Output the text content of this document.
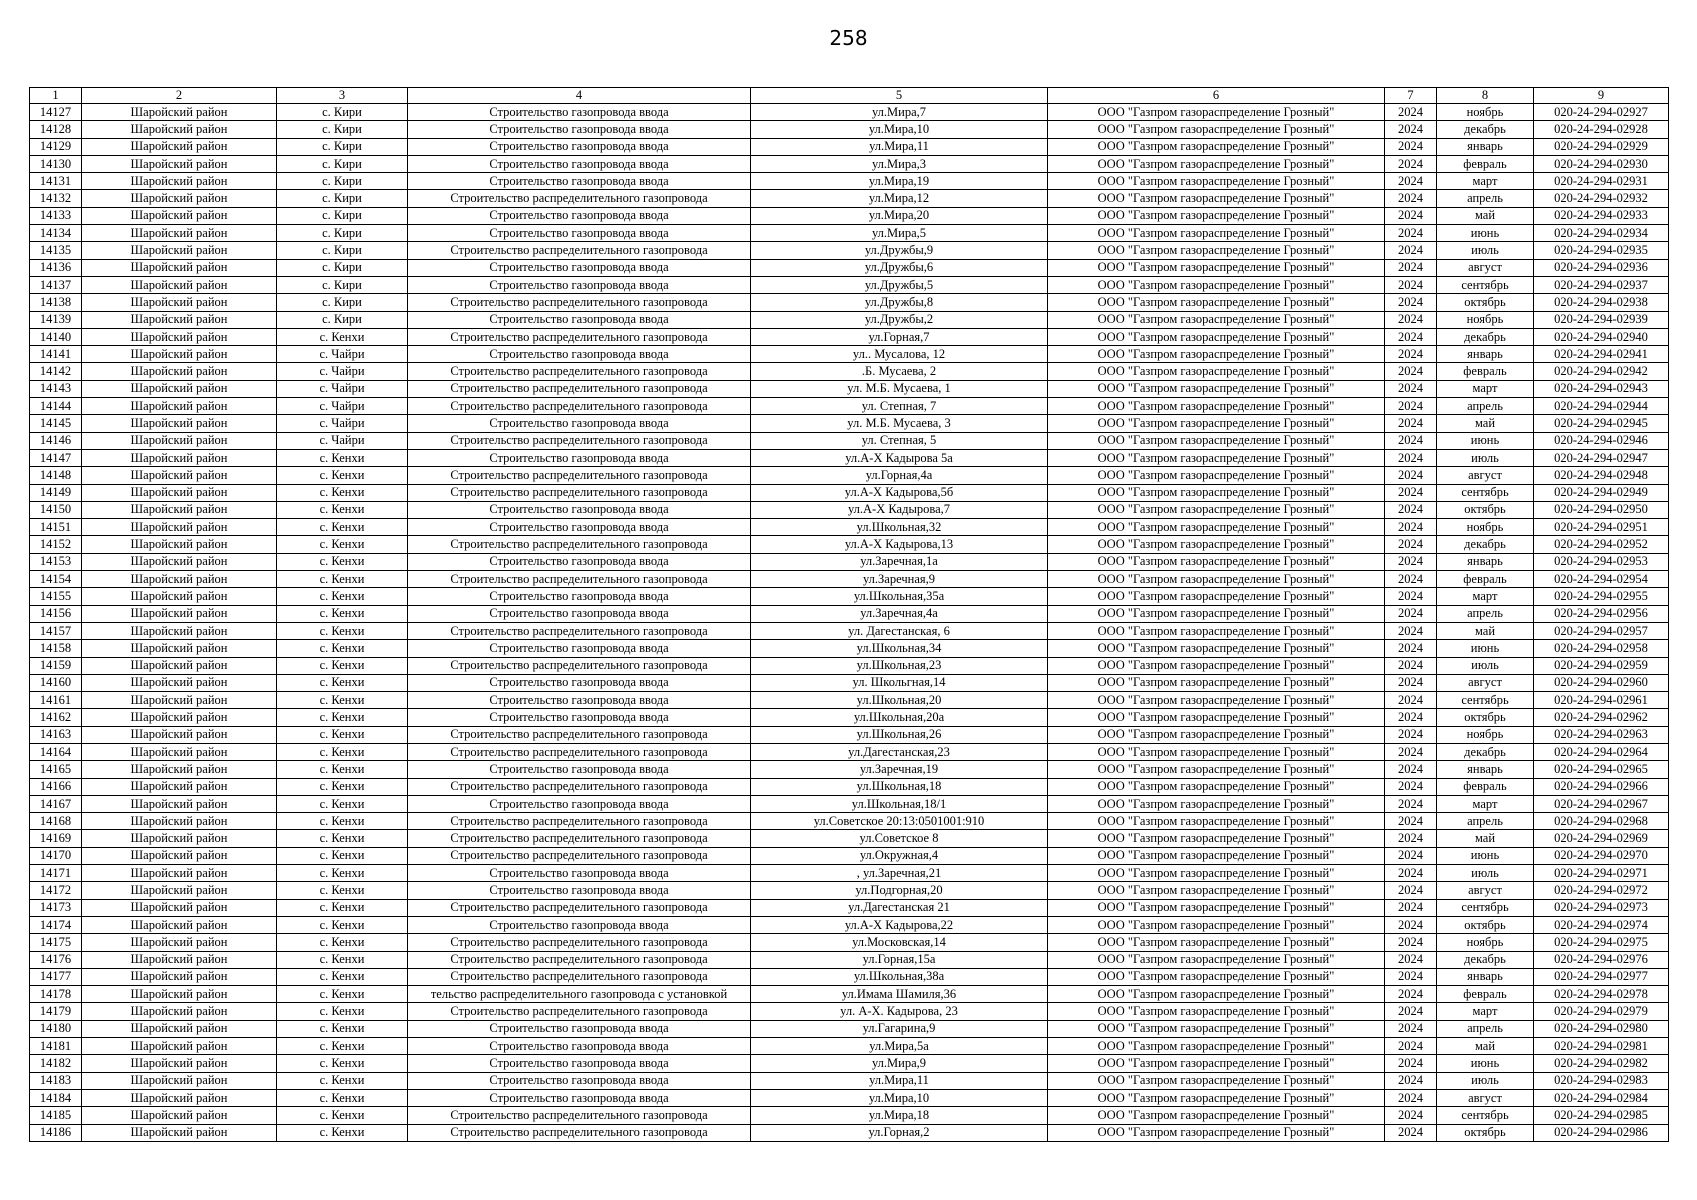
258
1	2	3	4	5	6	7	8	9
14127	Шаройский район	с. Кири	Строительство газопровода ввода	ул.Мира,7	ООО "Газпром газораспределение Грозный"	2024	ноябрь	020-24-294-02927
14128	Шаройский район	с. Кири	Строительство газопровода ввода	ул.Мира,10	ООО "Газпром газораспределение Грозный"	2024	декабрь	020-24-294-02928
14129	Шаройский район	с. Кири	Строительство газопровода ввода	ул.Мира,11	ООО "Газпром газораспределение Грозный"	2024	январь	020-24-294-02929
14130	Шаройский район	с. Кири	Строительство газопровода ввода	ул.Мира,3	ООО "Газпром газораспределение Грозный"	2024	февраль	020-24-294-02930
14131	Шаройский район	с. Кири	Строительство газопровода ввода	ул.Мира,19	ООО "Газпром газораспределение Грозный"	2024	март	020-24-294-02931
14132	Шаройский район	с. Кири	Строительство распределительного газопровода	ул.Мира,12	ООО "Газпром газораспределение Грозный"	2024	апрель	020-24-294-02932
14133	Шаройский район	с. Кири	Строительство газопровода ввода	ул.Мира,20	ООО "Газпром газораспределение Грозный"	2024	май	020-24-294-02933
14134	Шаройский район	с. Кири	Строительство газопровода ввода	ул.Мира,5	ООО "Газпром газораспределение Грозный"	2024	июнь	020-24-294-02934
14135	Шаройский район	с. Кири	Строительство распределительного газопровода	ул.Дружбы,9	ООО "Газпром газораспределение Грозный"	2024	июль	020-24-294-02935
14136	Шаройский район	с. Кири	Строительство газопровода ввода	ул.Дружбы,6	ООО "Газпром газораспределение Грозный"	2024	август	020-24-294-02936
14137	Шаройский район	с. Кири	Строительство газопровода ввода	ул.Дружбы,5	ООО "Газпром газораспределение Грозный"	2024	сентябрь	020-24-294-02937
14138	Шаройский район	с. Кири	Строительство распределительного газопровода	ул.Дружбы,8	ООО "Газпром газораспределение Грозный"	2024	октябрь	020-24-294-02938
14139	Шаройский район	с. Кири	Строительство газопровода ввода	ул.Дружбы,2	ООО "Газпром газораспределение Грозный"	2024	ноябрь	020-24-294-02939
14140	Шаройский район	с. Кенхи	Строительство распределительного газопровода	ул.Горная,7	ООО "Газпром газораспределение Грозный"	2024	декабрь	020-24-294-02940
14141	Шаройский район	с. Чайри	Строительство газопровода ввода	ул.. Мусалова, 12	ООО "Газпром газораспределение Грозный"	2024	январь	020-24-294-02941
14142	Шаройский район	с. Чайри	Строительство распределительного газопровода	.Б. Мусаева, 2	ООО "Газпром газораспределение Грозный"	2024	февраль	020-24-294-02942
14143	Шаройский район	с. Чайри	Строительство распределительного газопровода	ул. М.Б. Мусаева, 1	ООО "Газпром газораспределение Грозный"	2024	март	020-24-294-02943
14144	Шаройский район	с. Чайри	Строительство распределительного газопровода	ул. Степная, 7	ООО "Газпром газораспределение Грозный"	2024	апрель	020-24-294-02944
14145	Шаройский район	с. Чайри	Строительство газопровода ввода	ул. М.Б. Мусаева, 3	ООО "Газпром газораспределение Грозный"	2024	май	020-24-294-02945
14146	Шаройский район	с. Чайри	Строительство распределительного газопровода	ул. Степная, 5	ООО "Газпром газораспределение Грозный"	2024	июнь	020-24-294-02946
14147	Шаройский район	с. Кенхи	Строительство газопровода ввода	ул.А-Х Кадырова 5а	ООО "Газпром газораспределение Грозный"	2024	июль	020-24-294-02947
14148	Шаройский район	с. Кенхи	Строительство распределительного газопровода	ул.Горная,4а	ООО "Газпром газораспределение Грозный"	2024	август	020-24-294-02948
14149	Шаройский район	с. Кенхи	Строительство распределительного газопровода	ул.А-Х Кадырова,5б	ООО "Газпром газораспределение Грозный"	2024	сентябрь	020-24-294-02949
14150	Шаройский район	с. Кенхи	Строительство газопровода ввода	ул.А-Х Кадырова,7	ООО "Газпром газораспределение Грозный"	2024	октябрь	020-24-294-02950
14151	Шаройский район	с. Кенхи	Строительство газопровода ввода	ул.Школьная,32	ООО "Газпром газораспределение Грозный"	2024	ноябрь	020-24-294-02951
14152	Шаройский район	с. Кенхи	Строительство распределительного газопровода	ул.А-Х Кадырова,13	ООО "Газпром газораспределение Грозный"	2024	декабрь	020-24-294-02952
14153	Шаройский район	с. Кенхи	Строительство газопровода ввода	ул.Заречная,1а	ООО "Газпром газораспределение Грозный"	2024	январь	020-24-294-02953
14154	Шаройский район	с. Кенхи	Строительство распределительного газопровода	ул.Заречная,9	ООО "Газпром газораспределение Грозный"	2024	февраль	020-24-294-02954
14155	Шаройский район	с. Кенхи	Строительство газопровода ввода	ул.Школьная,35а	ООО "Газпром газораспределение Грозный"	2024	март	020-24-294-02955
14156	Шаройский район	с. Кенхи	Строительство газопровода ввода	ул.Заречная,4а	ООО "Газпром газораспределение Грозный"	2024	апрель	020-24-294-02956
14157	Шаройский район	с. Кенхи	Строительство распределительного газопровода	ул. Дагестанская, 6	ООО "Газпром газораспределение Грозный"	2024	май	020-24-294-02957
14158	Шаройский район	с. Кенхи	Строительство газопровода ввода	ул.Школьная,34	ООО "Газпром газораспределение Грозный"	2024	июнь	020-24-294-02958
14159	Шаройский район	с. Кенхи	Строительство распределительного газопровода	ул.Школьная,23	ООО "Газпром газораспределение Грозный"	2024	июль	020-24-294-02959
14160	Шаройский район	с. Кенхи	Строительство газопровода ввода	ул. Школьгная,14	ООО "Газпром газораспределение Грозный"	2024	август	020-24-294-02960
14161	Шаройский район	с. Кенхи	Строительство газопровода ввода	ул.Школьная,20	ООО "Газпром газораспределение Грозный"	2024	сентябрь	020-24-294-02961
14162	Шаройский район	с. Кенхи	Строительство газопровода ввода	ул.Школьная,20а	ООО "Газпром газораспределение Грозный"	2024	октябрь	020-24-294-02962
14163	Шаройский район	с. Кенхи	Строительство распределительного газопровода	ул.Школьная,26	ООО "Газпром газораспределение Грозный"	2024	ноябрь	020-24-294-02963
14164	Шаройский район	с. Кенхи	Строительство распределительного газопровода	ул.Дагестанская,23	ООО "Газпром газораспределение Грозный"	2024	декабрь	020-24-294-02964
14165	Шаройский район	с. Кенхи	Строительство газопровода ввода	ул.Заречная,19	ООО "Газпром газораспределение Грозный"	2024	январь	020-24-294-02965
14166	Шаройский район	с. Кенхи	Строительство распределительного газопровода	ул.Школьная,18	ООО "Газпром газораспределение Грозный"	2024	февраль	020-24-294-02966
14167	Шаройский район	с. Кенхи	Строительство газопровода ввода	ул.Школьная,18/1	ООО "Газпром газораспределение Грозный"	2024	март	020-24-294-02967
14168	Шаройский район	с. Кенхи	Строительство распределительного газопровода	ул.Советское 20:13:0501001:910	ООО "Газпром газораспределение Грозный"	2024	апрель	020-24-294-02968
14169	Шаройский район	с. Кенхи	Строительство распределительного газопровода	ул.Советское 8	ООО "Газпром газораспределение Грозный"	2024	май	020-24-294-02969
14170	Шаройский район	с. Кенхи	Строительство распределительного газопровода	ул.Окружная,4	ООО "Газпром газораспределение Грозный"	2024	июнь	020-24-294-02970
14171	Шаройский район	с. Кенхи	Строительство газопровода ввода	, ул.Заречная,21	ООО "Газпром газораспределение Грозный"	2024	июль	020-24-294-02971
14172	Шаройский район	с. Кенхи	Строительство газопровода ввода	ул.Подгорная,20	ООО "Газпром газораспределение Грозный"	2024	август	020-24-294-02972
14173	Шаройский район	с. Кенхи	Строительство распределительного газопровода	ул.Дагестанская 21	ООО "Газпром газораспределение Грозный"	2024	сентябрь	020-24-294-02973
14174	Шаройский район	с. Кенхи	Строительство газопровода ввода	ул.А-Х Кадырова,22	ООО "Газпром газораспределение Грозный"	2024	октябрь	020-24-294-02974
14175	Шаройский район	с. Кенхи	Строительство распределительного газопровода	ул.Московская,14	ООО "Газпром газораспределение Грозный"	2024	ноябрь	020-24-294-02975
14176	Шаройский район	с. Кенхи	Строительство распределительного газопровода	ул.Горная,15а	ООО "Газпром газораспределение Грозный"	2024	декабрь	020-24-294-02976
14177	Шаройский район	с. Кенхи	Строительство распределительного газопровода	ул.Школьная,38а	ООО "Газпром газораспределение Грозный"	2024	январь	020-24-294-02977
14178	Шаройский район	с. Кенхи	тельство распределительного газопровода с установкой	ул.Имама Шамиля,36	ООО "Газпром газораспределение Грозный"	2024	февраль	020-24-294-02978
14179	Шаройский район	с. Кенхи	Строительство распределительного газопровода	ул. А-Х. Кадырова, 23	ООО "Газпром газораспределение Грозный"	2024	март	020-24-294-02979
14180	Шаройский район	с. Кенхи	Строительство газопровода ввода	ул.Гагарина,9	ООО "Газпром газораспределение Грозный"	2024	апрель	020-24-294-02980
14181	Шаройский район	с. Кенхи	Строительство газопровода ввода	ул.Мира,5а	ООО "Газпром газораспределение Грозный"	2024	май	020-24-294-02981
14182	Шаройский район	с. Кенхи	Строительство газопровода ввода	ул.Мира,9	ООО "Газпром газораспределение Грозный"	2024	июнь	020-24-294-02982
14183	Шаройский район	с. Кенхи	Строительство газопровода ввода	ул.Мира,11	ООО "Газпром газораспределение Грозный"	2024	июль	020-24-294-02983
14184	Шаройский район	с. Кенхи	Строительство газопровода ввода	ул.Мира,10	ООО "Газпром газораспределение Грозный"	2024	август	020-24-294-02984
14185	Шаройский район	с. Кенхи	Строительство распределительного газопровода	ул.Мира,18	ООО "Газпром газораспределение Грозный"	2024	сентябрь	020-24-294-02985
14186	Шаройский район	с. Кенхи	Строительство распределительного газопровода	ул.Горная,2	ООО "Газпром газораспределение Грозный"	2024	октябрь	020-24-294-02986
